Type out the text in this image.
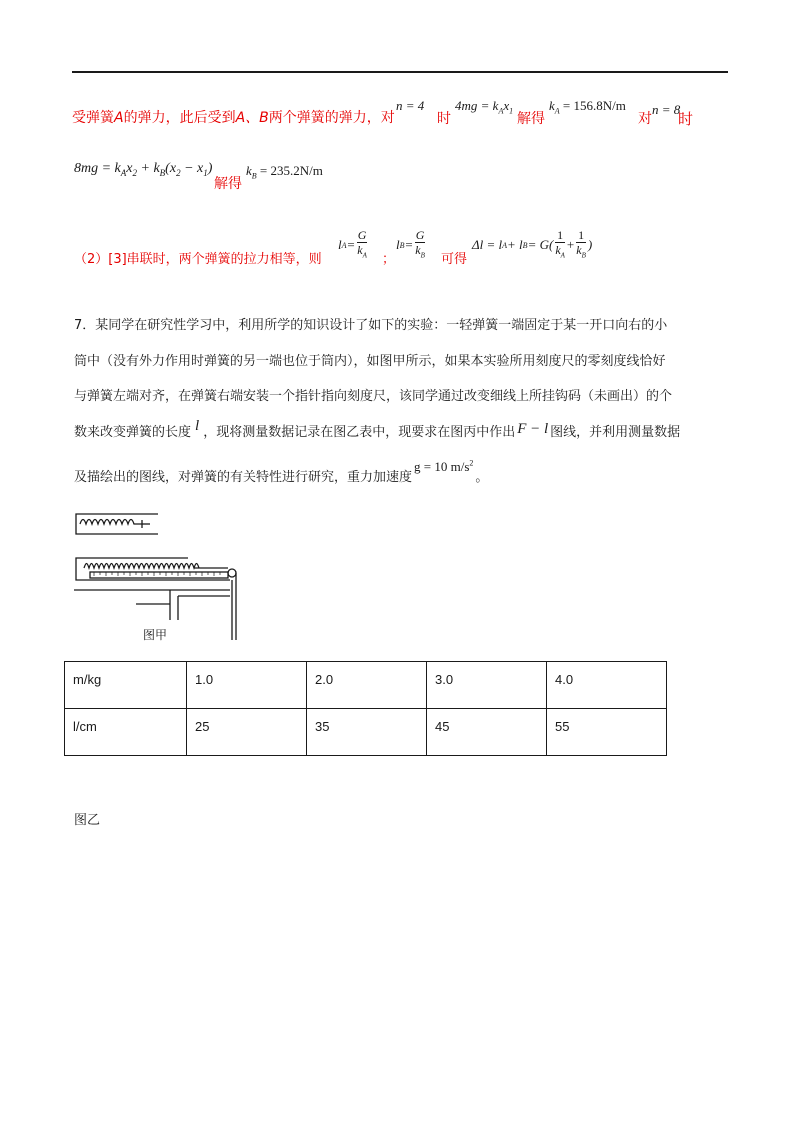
受弹簧A的弹力，此后受到A、B两个弹簧的弹力，对
n = 4
时
$4mg = k_Ax_1$ 解得
$k_A = 156.8N/m$
对
n = 8
时
$8mg = k_Ax_2 + k_B(x_2 - x_1)$
解得
$k_B = 235.2N/m$
（2）[3]串联时，两个弹簧的拉力相等，则
l $A = \frac{G}{k_A}$ ；
l $B = \frac{G}{k_B}$ 可得
Δl = l A + l $B = G( \frac{1}{k_A} + \frac{1}{k_B}$ )
7．某同学在研究性学习中，利用所学的知识设计了如下的实验：一轻弹簧一端固定于某一开口向右的小
筒中（没有外力作用时弹簧的另一端也位于筒内），如图甲所示，如果本实验所用刻度尺的零刻度线恰好
与弹簧左端对齐，在弹簧右端安装一个指针指向刻度尺，该同学通过改变细线上所挂钩码（未画出）的个
数来改变弹簧的长度 l ，现将测量数据记录在图乙表中，现要求在图丙中作出 F − l 图线，并利用测量数据
及描绘出的图线，对弹簧的有关特性进行研究，重力加速度g = 10 $m/s^2$。
图甲
m/kg	1.0	2.0	3.0	4.0
l/cm	25	35	45	55
图乙
